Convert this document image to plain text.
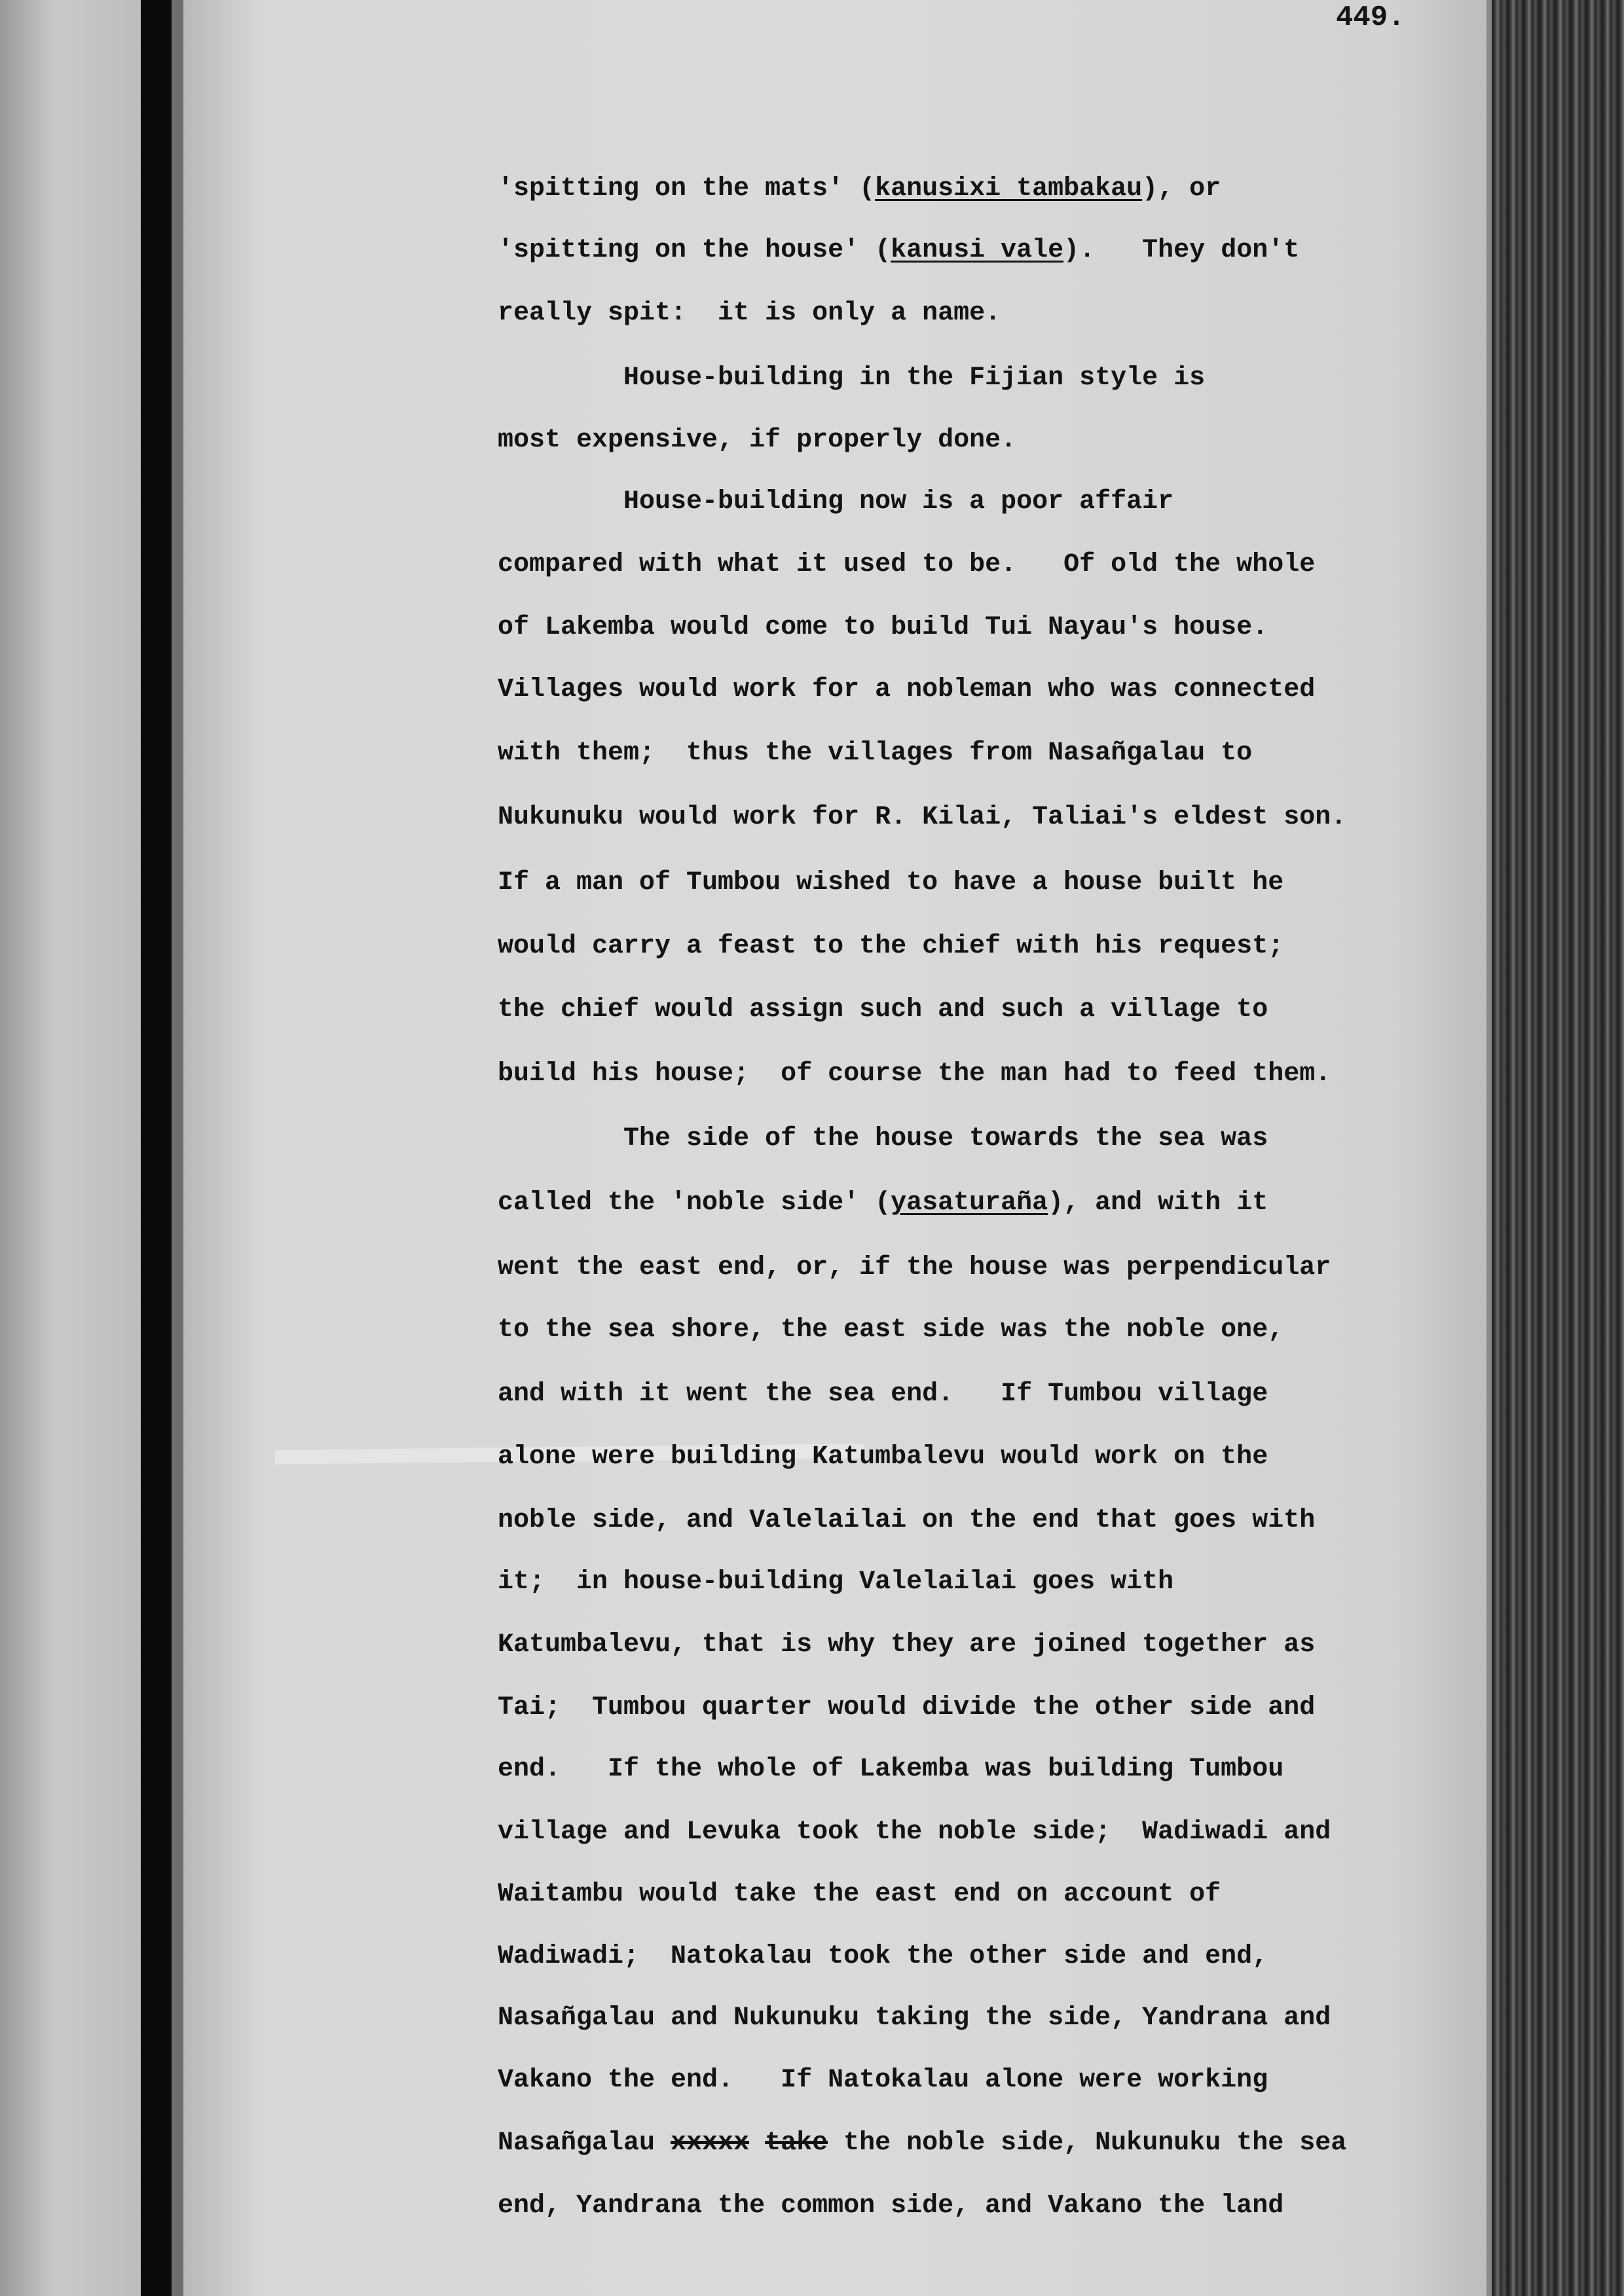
449.

'spitting on the mats' (kanusixi tambakau), or

'spitting on the house' (kanusi vale).   They don't

really spit:  it is only a name.

House-building in the Fijian style is

most expensive, if properly done.

House-building now is a poor affair

compared with what it used to be.   Of old the whole

of Lakemba would come to build Tui Nayau's house.

Villages would work for a nobleman who was connected

with them;  thus the villages from Nasañgalau to

Nukunuku would work for R. Kilai, Taliai's eldest son.

If a man of Tumbou wished to have a house built he

would carry a feast to the chief with his request;

the chief would assign such and such a village to

build his house;  of course the man had to feed them.

The side of the house towards the sea was

called the 'noble side' (yasaturaña), and with it

went the east end, or, if the house was perpendicular

to the sea shore, the east side was the noble one,

and with it went the sea end.   If Tumbou village

alone were building Katumbalevu would work on the

noble side, and Valelailai on the end that goes with

it;  in house-building Valelailai goes with

Katumbalevu, that is why they are joined together as

Tai;  Tumbou quarter would divide the other side and

end.   If the whole of Lakemba was building Tumbou

village and Levuka took the noble side;  Wadiwadi and

Waitambu would take the east end on account of

Wadiwadi;  Natokalau took the other side and end,

Nasañgalau and Nukunuku taking the side, Yandrana and

Vakano the end.   If Natokalau alone were working

Nasañgalau xxxxx take the noble side, Nukunuku the sea

end, Yandrana the common side, and Vakano the land
